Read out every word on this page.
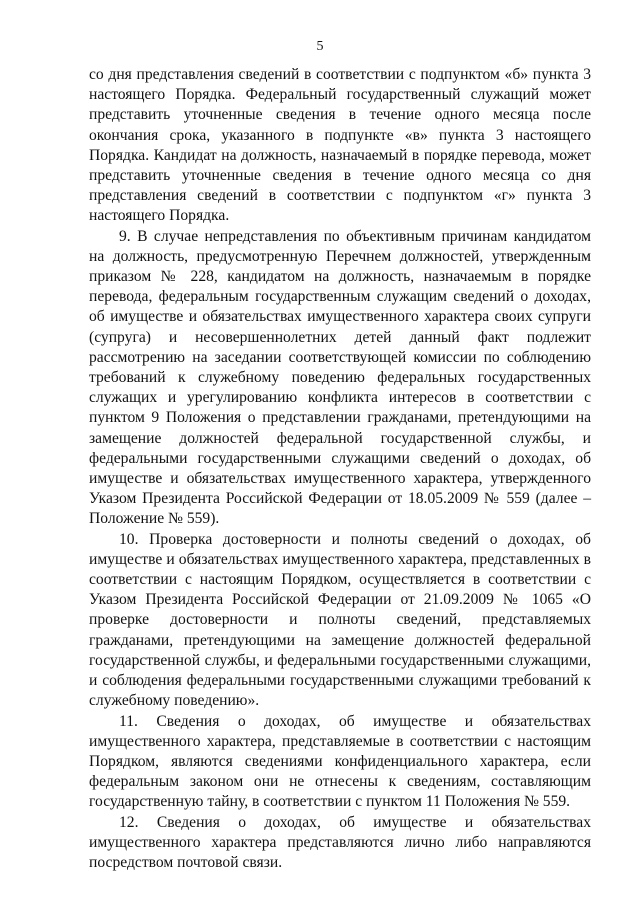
5

со дня представления сведений в соответствии с подпунктом «б» пункта 3 настоящего Порядка. Федеральный государственный служащий может представить уточненные сведения в течение одного месяца после окончания срока, указанного в подпункте «в» пункта 3 настоящего Порядка. Кандидат на должность, назначаемый в порядке перевода, может представить уточненные сведения в течение одного месяца со дня представления сведений в соответствии с подпунктом «г» пункта 3 настоящего Порядка.

9. В случае непредставления по объективным причинам кандидатом на должность, предусмотренную Перечнем должностей, утвержденным приказом № 228, кандидатом на должность, назначаемым в порядке перевода, федеральным государственным служащим сведений о доходах, об имуществе и обязательствах имущественного характера своих супруги (супруга) и несовершеннолетних детей данный факт подлежит рассмотрению на заседании соответствующей комиссии по соблюдению требований к служебному поведению федеральных государственных служащих и урегулированию конфликта интересов в соответствии с пунктом 9 Положения о представлении гражданами, претендующими на замещение должностей федеральной государственной службы, и федеральными государственными служащими сведений о доходах, об имуществе и обязательствах имущественного характера, утвержденного Указом Президента Российской Федерации от 18.05.2009 № 559 (далее – Положение № 559).

10. Проверка достоверности и полноты сведений о доходах, об имуществе и обязательствах имущественного характера, представленных в соответствии с настоящим Порядком, осуществляется в соответствии с Указом Президента Российской Федерации от 21.09.2009 № 1065 «О проверке достоверности и полноты сведений, представляемых гражданами, претендующими на замещение должностей федеральной государственной службы, и федеральными государственными служащими, и соблюдения федеральными государственными служащими требований к служебному поведению».

11. Сведения о доходах, об имуществе и обязательствах имущественного характера, представляемые в соответствии с настоящим Порядком, являются сведениями конфиденциального характера, если федеральным законом они не отнесены к сведениям, составляющим государственную тайну, в соответствии с пунктом 11 Положения № 559.

12. Сведения о доходах, об имуществе и обязательствах имущественного характера представляются лично либо направляются посредством почтовой связи.
